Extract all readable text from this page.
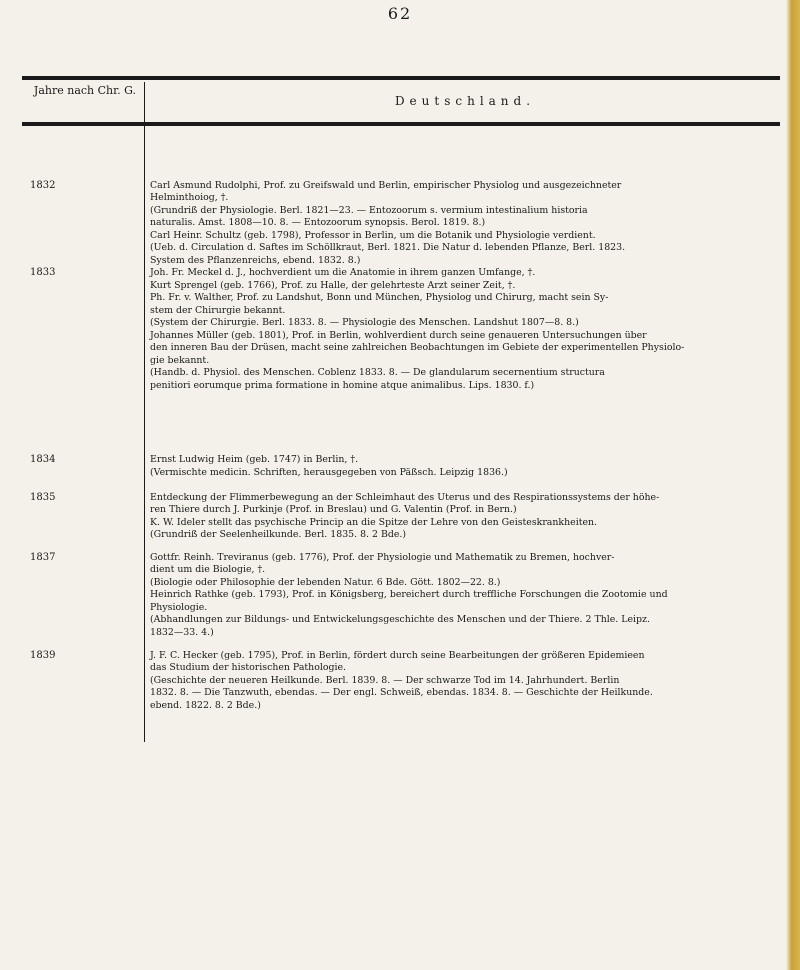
62
Jahre nach Chr. G.
Deutschland.
1832
1833
1834
1835
1837
1839
Carl Asmund Rudolphi, Prof. zu Greifswald und Berlin, empirischer Physiolog und ausgezeichneter
Helminthoiog, †.
(Grundriß der Physiologie. Berl. 1821—23. — Entozoorum s. vermium intestinalium historia
naturalis. Amst. 1808—10. 8. — Entozoorum synopsis. Berol. 1819. 8.)
Carl Heinr. Schultz (geb. 1798), Professor in Berlin, um die Botanik und Physiologie verdient.
(Ueb. d. Circulation d. Saftes im Schöllkraut, Berl. 1821. Die Natur d. lebenden Pflanze, Berl. 1823.
System des Pflanzenreichs, ebend. 1832. 8.)
Joh. Fr. Meckel d. J., hochverdient um die Anatomie in ihrem ganzen Umfange, †.
Kurt Sprengel (geb. 1766), Prof. zu Halle, der gelehrteste Arzt seiner Zeit, †.
Ph. Fr. v. Walther, Prof. zu Landshut, Bonn und München, Physiolog und Chirurg, macht sein Sy-
stem der Chirurgie bekannt.
(System der Chirurgie. Berl. 1833. 8. — Physiologie des Menschen. Landshut 1807—8. 8.)
Johannes Müller (geb. 1801), Prof. in Berlin, wohlverdient durch seine genaueren Untersuchungen über
den inneren Bau der Drüsen, macht seine zahlreichen Beobachtungen im Gebiete der experimentellen Physiolo-
gie bekannt.
(Handb. d. Physiol. des Menschen. Coblenz 1833. 8. — De glandularum secernentium structura
penitiori eorumque prima formatione in homine atque animalibus. Lips. 1830. f.)
Ernst Ludwig Heim (geb. 1747) in Berlin, †.
(Vermischte medicin. Schriften, herausgegeben von Päßsch. Leipzig 1836.)
Entdeckung der Flimmerbewegung an der Schleimhaut des Uterus und des Respirationssystems der höhe-
ren Thiere durch J. Purkinje (Prof. in Breslau) und G. Valentin (Prof. in Bern.)
K. W. Ideler stellt das psychische Princip an die Spitze der Lehre von den Geisteskrankheiten.
(Grundriß der Seelenheilkunde. Berl. 1835. 8. 2 Bde.)
Gottfr. Reinh. Treviranus (geb. 1776), Prof. der Physiologie und Mathematik zu Bremen, hochver-
dient um die Biologie, †.
(Biologie oder Philosophie der lebenden Natur. 6 Bde. Gött. 1802—22. 8.)
Heinrich Rathke (geb. 1793), Prof. in Königsberg, bereichert durch treffliche Forschungen die Zootomie und
Physiologie.
(Abhandlungen zur Bildungs- und Entwickelungsgeschichte des Menschen und der Thiere. 2 Thle. Leipz.
1832—33. 4.)
J. F. C. Hecker (geb. 1795), Prof. in Berlin, fördert durch seine Bearbeitungen der größeren Epidemieen
das Studium der historischen Pathologie.
(Geschichte der neueren Heilkunde. Berl. 1839. 8. — Der schwarze Tod im 14. Jahrhundert. Berlin
1832. 8. — Die Tanzwuth, ebendas. — Der engl. Schweiß, ebendas. 1834. 8. — Geschichte der Heilkunde.
ebend. 1822. 8. 2 Bde.)
